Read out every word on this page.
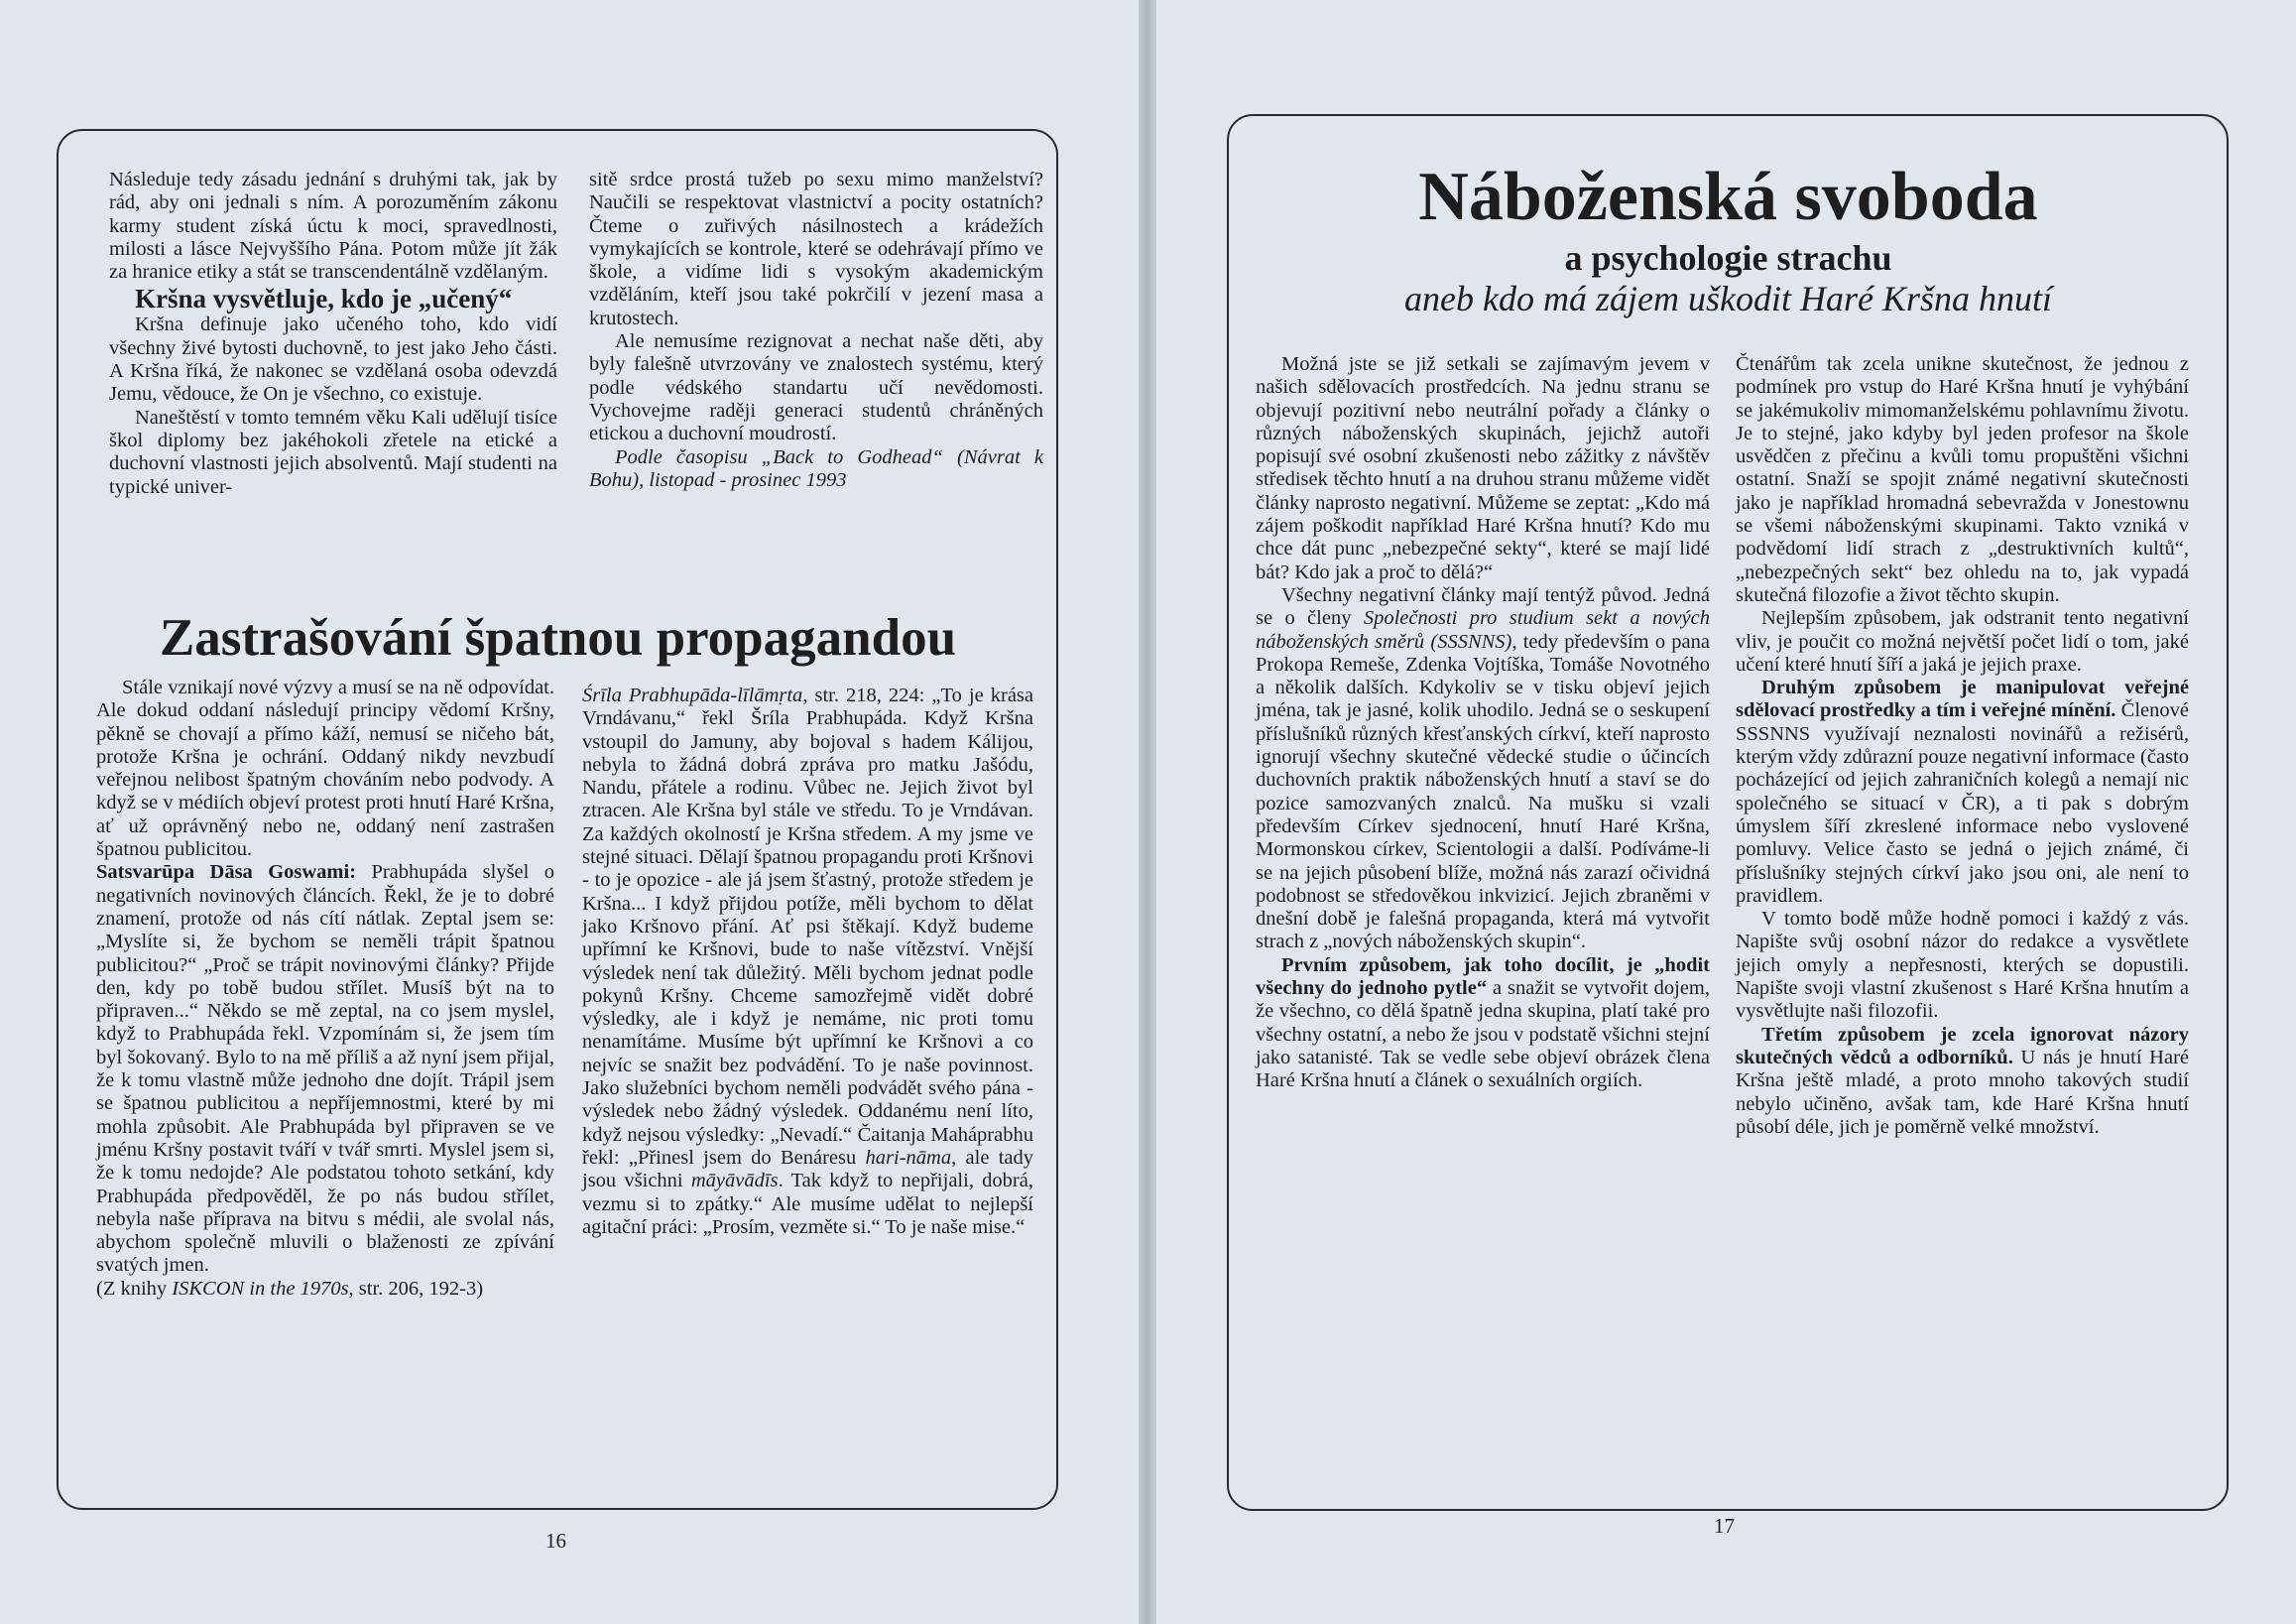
Následuje tedy zásadu jednání s druhými tak, jak by rád, aby oni jednali s ním. A porozuměním zákonu karmy student získá úctu k moci, spravedlnosti, milosti a lásce Nejvyššího Pána. Potom může jít žák za hranice etiky a stát se transcendentálně vzdělaným.

Kršna vysvětluje, kdo je „učený“

Kršna definuje jako učeného toho, kdo vidí všechny živé bytosti duchovně, to jest jako Jeho části. A Kršna říká, že nakonec se vzdělaná osoba odevzdá Jemu, vědouce, že On je všechno, co existuje.

Naneštěstí v tomto temném věku Kali udělují tisíce škol diplomy bez jakéhokoli zřetele na etické a duchovní vlastnosti jejich absolventů. Mají studenti na typické univer-

sitě srdce prostá tužeb po sexu mimo manželství? Naučili se respektovat vlastnictví a pocity ostatních? Čteme o zuřivých násilnostech a krádežích vymykajících se kontrole, které se odehrávají přímo ve škole, a vidíme lidi s vysokým akademickým vzděláním, kteří jsou také pokrčilí v jezení masa a krutostech.

Ale nemusíme rezignovat a nechat naše děti, aby byly falešně utvrzovány ve znalostech systému, který podle védského standartu učí nevědomosti. Vychovejme raději generaci studentů chráněných etickou a duchovní moudrostí.

Podle časopisu „Back to Godhead“ (Návrat k Bohu), listopad - prosinec 1993

Zastrašování špatnou propagandou

Stále vznikají nové výzvy a musí se na ně odpovídat. Ale dokud oddaní následují principy vědomí Kršny, pěkně se chovají a přímo káží, nemusí se ničeho bát, protože Kršna je ochrání. Oddaný nikdy nevzbudí veřejnou nelibost špatným chováním nebo podvody. A když se v médiích objeví protest proti hnutí Haré Kršna, ať už oprávněný nebo ne, oddaný není zastrašen špatnou publicitou.

Satsvarūpa Dāsa Goswami: Prabhupáda slyšel o negativních novinových článcích. Řekl, že je to dobré znamení, protože od nás cítí nátlak. Zeptal jsem se: „Myslíte si, že bychom se neměli trápit špatnou publicitou?“ „Proč se trápit novinovými články? Přijde den, kdy po tobě budou střílet. Musíš být na to připraven...“ Někdo se mě zeptal, na co jsem myslel, když to Prabhupáda řekl. Vzpomínám si, že jsem tím byl šokovaný. Bylo to na mě příliš a až nyní jsem přijal, že k tomu vlastně může jednoho dne dojít. Trápil jsem se špatnou publicitou a nepříjemnostmi, které by mi mohla způsobit. Ale Prabhupáda byl připraven se ve jménu Kršny postavit tváří v tvář smrti. Myslel jsem si, že k tomu nedojde? Ale podstatou tohoto setkání, kdy Prabhupáda předpověděl, že po nás budou střílet, nebyla naše příprava na bitvu s médii, ale svolal nás, abychom společně mluvili o blaženosti ze zpívání svatých jmen.

(Z knihy ISKCON in the 1970s, str. 206, 192-3)

Śrīla Prabhupāda-līlāmṛta, str. 218, 224: „To je krása Vrndávanu,“ řekl Šríla Prabhupáda. Když Kršna vstoupil do Jamuny, aby bojoval s hadem Kálijou, nebyla to žádná dobrá zpráva pro matku Jašódu, Nandu, přátele a rodinu. Vůbec ne. Jejich život byl ztracen. Ale Kršna byl stále ve středu. To je Vrndávan. Za každých okolností je Kršna středem. A my jsme ve stejné situaci. Dělají špatnou propagandu proti Kršnovi - to je opozice - ale já jsem šťastný, protože středem je Kršna... I když přijdou potíže, měli bychom to dělat jako Kršnovo přání. Ať psi štěkají. Když budeme upřímní ke Kršnovi, bude to naše vítězství. Vnější výsledek není tak důležitý. Měli bychom jednat podle pokynů Kršny. Chceme samozřejmě vidět dobré výsledky, ale i když je nemáme, nic proti tomu nenamítáme. Musíme být upřímní ke Kršnovi a co nejvíc se snažit bez podvádění. To je naše povinnost. Jako služebníci bychom neměli podvádět svého pána - výsledek nebo žádný výsledek. Oddanému není líto, když nejsou výsledky: „Nevadí.“ Čaitanja Maháprabhu řekl: „Přinesl jsem do Benáresu hari-nāma, ale tady jsou všichni māyāvādīs. Tak když to nepřijali, dobrá, vezmu si to zpátky.“ Ale musíme udělat to nejlepší agitační práci: „Prosím, vezměte si.“ To je naše mise.“

16

Náboženská svoboda
a psychologie strachu
aneb kdo má zájem uškodit Haré Kršna hnutí

Možná jste se již setkali se zajímavým jevem v našich sdělovacích prostředcích. Na jednu stranu se objevují pozitivní nebo neutrální pořady a články o různých náboženských skupinách, jejichž autoři popisují své osobní zkušenosti nebo zážitky z návštěv středisek těchto hnutí a na druhou stranu můžeme vidět články naprosto negativní. Můžeme se zeptat: „Kdo má zájem poškodit například Haré Kršna hnutí? Kdo mu chce dát punc „nebezpečné sekty“, které se mají lidé bát? Kdo jak a proč to dělá?“

Všechny negativní články mají tentýž původ. Jedná se o členy Společnosti pro studium sekt a nových náboženských směrů (SSSNNS), tedy především o pana Prokopa Remeše, Zdenka Vojtíška, Tomáše Novotného a několik dalších. Kdykoliv se v tisku objeví jejich jména, tak je jasné, kolik uhodilo. Jedná se o seskupení příslušníků různých křesťanských církví, kteří naprosto ignorují všechny skutečné vědecké studie o účincích duchovních praktik náboženských hnutí a staví se do pozice samozvaných znalců. Na mušku si vzali především Církev sjednocení, hnutí Haré Kršna, Mormonskou církev, Scientologii a další. Podíváme-li se na jejich působení blíže, možná nás zarazí očividná podobnost se středověkou inkvizicí. Jejich zbraněmi v dnešní době je falešná propaganda, která má vytvořit strach z „nových náboženských skupin“.

Prvním způsobem, jak toho docílit, je „hodit všechny do jednoho pytle“ a snažit se vytvořit dojem, že všechno, co dělá špatně jedna skupina, platí také pro všechny ostatní, a nebo že jsou v podstatě všichni stejní jako satanisté. Tak se vedle sebe objeví obrázek člena Haré Kršna hnutí a článek o sexuálních orgiích.

Čtenářům tak zcela unikne skutečnost, že jednou z podmínek pro vstup do Haré Kršna hnutí je vyhýbání se jakémukoliv mimomanželskému pohlavnímu životu. Je to stejné, jako kdyby byl jeden profesor na škole usvědčen z přečinu a kvůli tomu propuštěni všichni ostatní. Snaží se spojit známé negativní skutečnosti jako je například hromadná sebevražda v Jonestownu se všemi náboženskými skupinami. Takto vzniká v podvědomí lidí strach z „destruktivních kultů“, „nebezpečných sekt“ bez ohledu na to, jak vypadá skutečná filozofie a život těchto skupin.

Nejlepším způsobem, jak odstranit tento negativní vliv, je poučit co možná největší počet lidí o tom, jaké učení které hnutí šíří a jaká je jejich praxe.

Druhým způsobem je manipulovat veřejné sdělovací prostředky a tím i veřejné mínění. Členové SSSNNS využívají neznalosti novinářů a režisérů, kterým vždy zdůrazní pouze negativní informace (často pocházející od jejich zahraničních kolegů a nemají nic společného se situací v ČR), a ti pak s dobrým úmyslem šíří zkreslené informace nebo vyslovené pomluvy. Velice často se jedná o jejich známé, či příslušníky stejných církví jako jsou oni, ale není to pravidlem.

V tomto bodě může hodně pomoci i každý z vás. Napište svůj osobní názor do redakce a vysvětlete jejich omyly a nepřesnosti, kterých se dopustili. Napište svoji vlastní zkušenost s Haré Kršna hnutím a vysvětlujte naši filozofii.

Třetím způsobem je zcela ignorovat názory skutečných vědců a odborníků. U nás je hnutí Haré Kršna ještě mladé, a proto mnoho takových studií nebylo učiněno, avšak tam, kde Haré Kršna hnutí působí déle, jich je poměrně velké množství.

17
